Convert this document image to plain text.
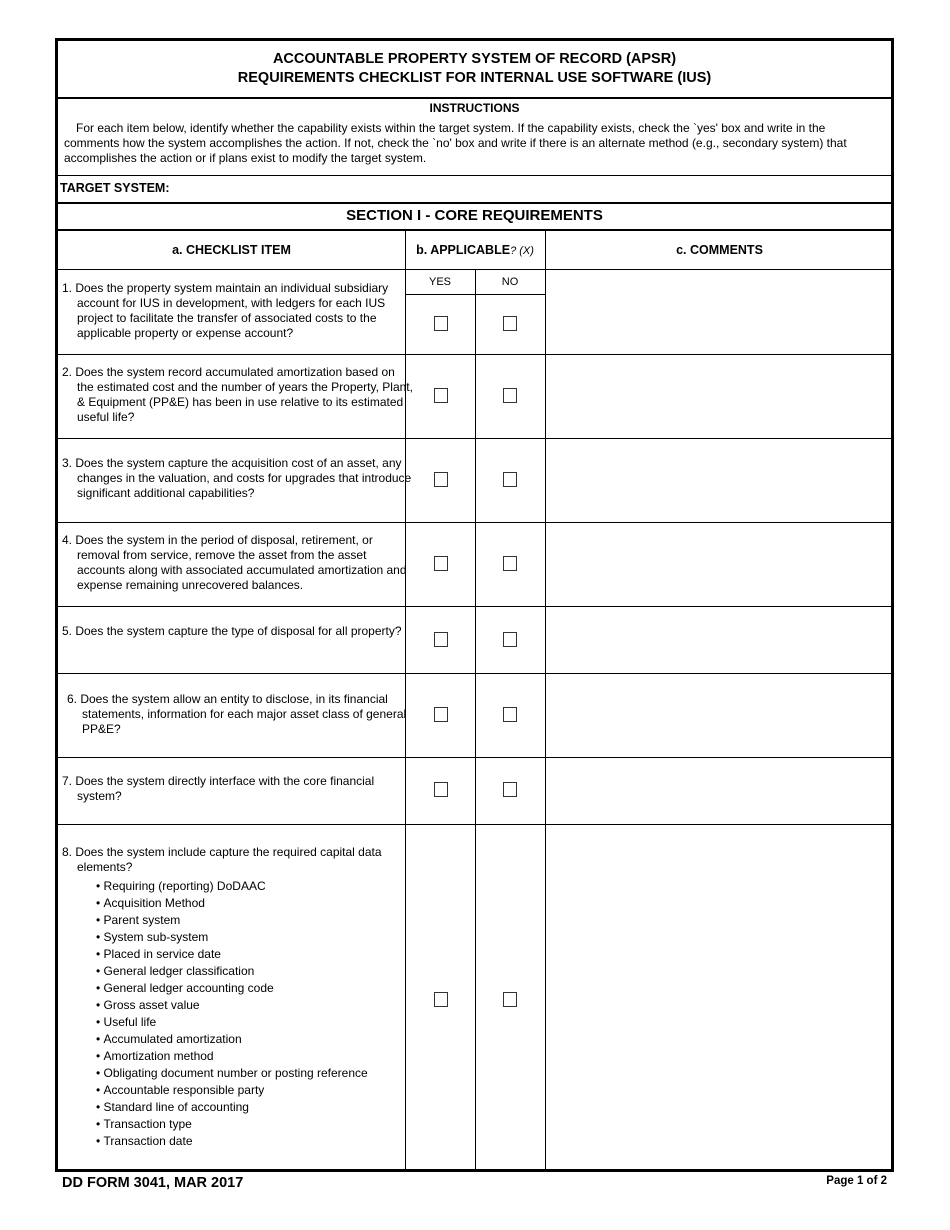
ACCOUNTABLE PROPERTY SYSTEM OF RECORD (APSR)
REQUIREMENTS CHECKLIST FOR INTERNAL USE SOFTWARE (IUS)
INSTRUCTIONS
For each item below, identify whether the capability exists within the target system. If the capability exists, check the `yes' box and write in the comments how the system accomplishes the action. If not, check the `no' box and write if there is an alternate method (e.g., secondary system) that accomplishes the action or if plans exist to modify the target system.
TARGET SYSTEM:
SECTION I - CORE REQUIREMENTS
a. CHECKLIST ITEM	b. APPLICABLE? (X)	c. COMMENTS
YES	NO
1. Does the property system maintain an individual subsidiary account for IUS in development, with ledgers for each IUS project to facilitate the transfer of associated costs to the applicable property or expense account?
2. Does the system record accumulated amortization based on the estimated cost and the number of years the Property, Plant, & Equipment (PP&E) has been in use relative to its estimated useful life?
3. Does the system capture the acquisition cost of an asset, any changes in the valuation, and costs for upgrades that introduce significant additional capabilities?
4. Does the system in the period of disposal, retirement, or removal from service, remove the asset from the asset accounts along with associated accumulated amortization and expense remaining unrecovered balances.
5. Does the system capture the type of disposal for all property?
6. Does the system allow an entity to disclose, in its financial statements, information for each major asset class of general PP&E?
7. Does the system directly interface with the core financial system?
8. Does the system include capture the required capital data elements?
• Requiring (reporting) DoDAAC
• Acquisition Method
• Parent system
• System sub-system
• Placed in service date
• General ledger classification
• General ledger accounting code
• Gross asset value
• Useful life
• Accumulated amortization
• Amortization method
• Obligating document number or posting reference
• Accountable responsible party
• Standard line of accounting
• Transaction type
• Transaction date
DD FORM 3041, MAR 2017	Page 1 of 2
